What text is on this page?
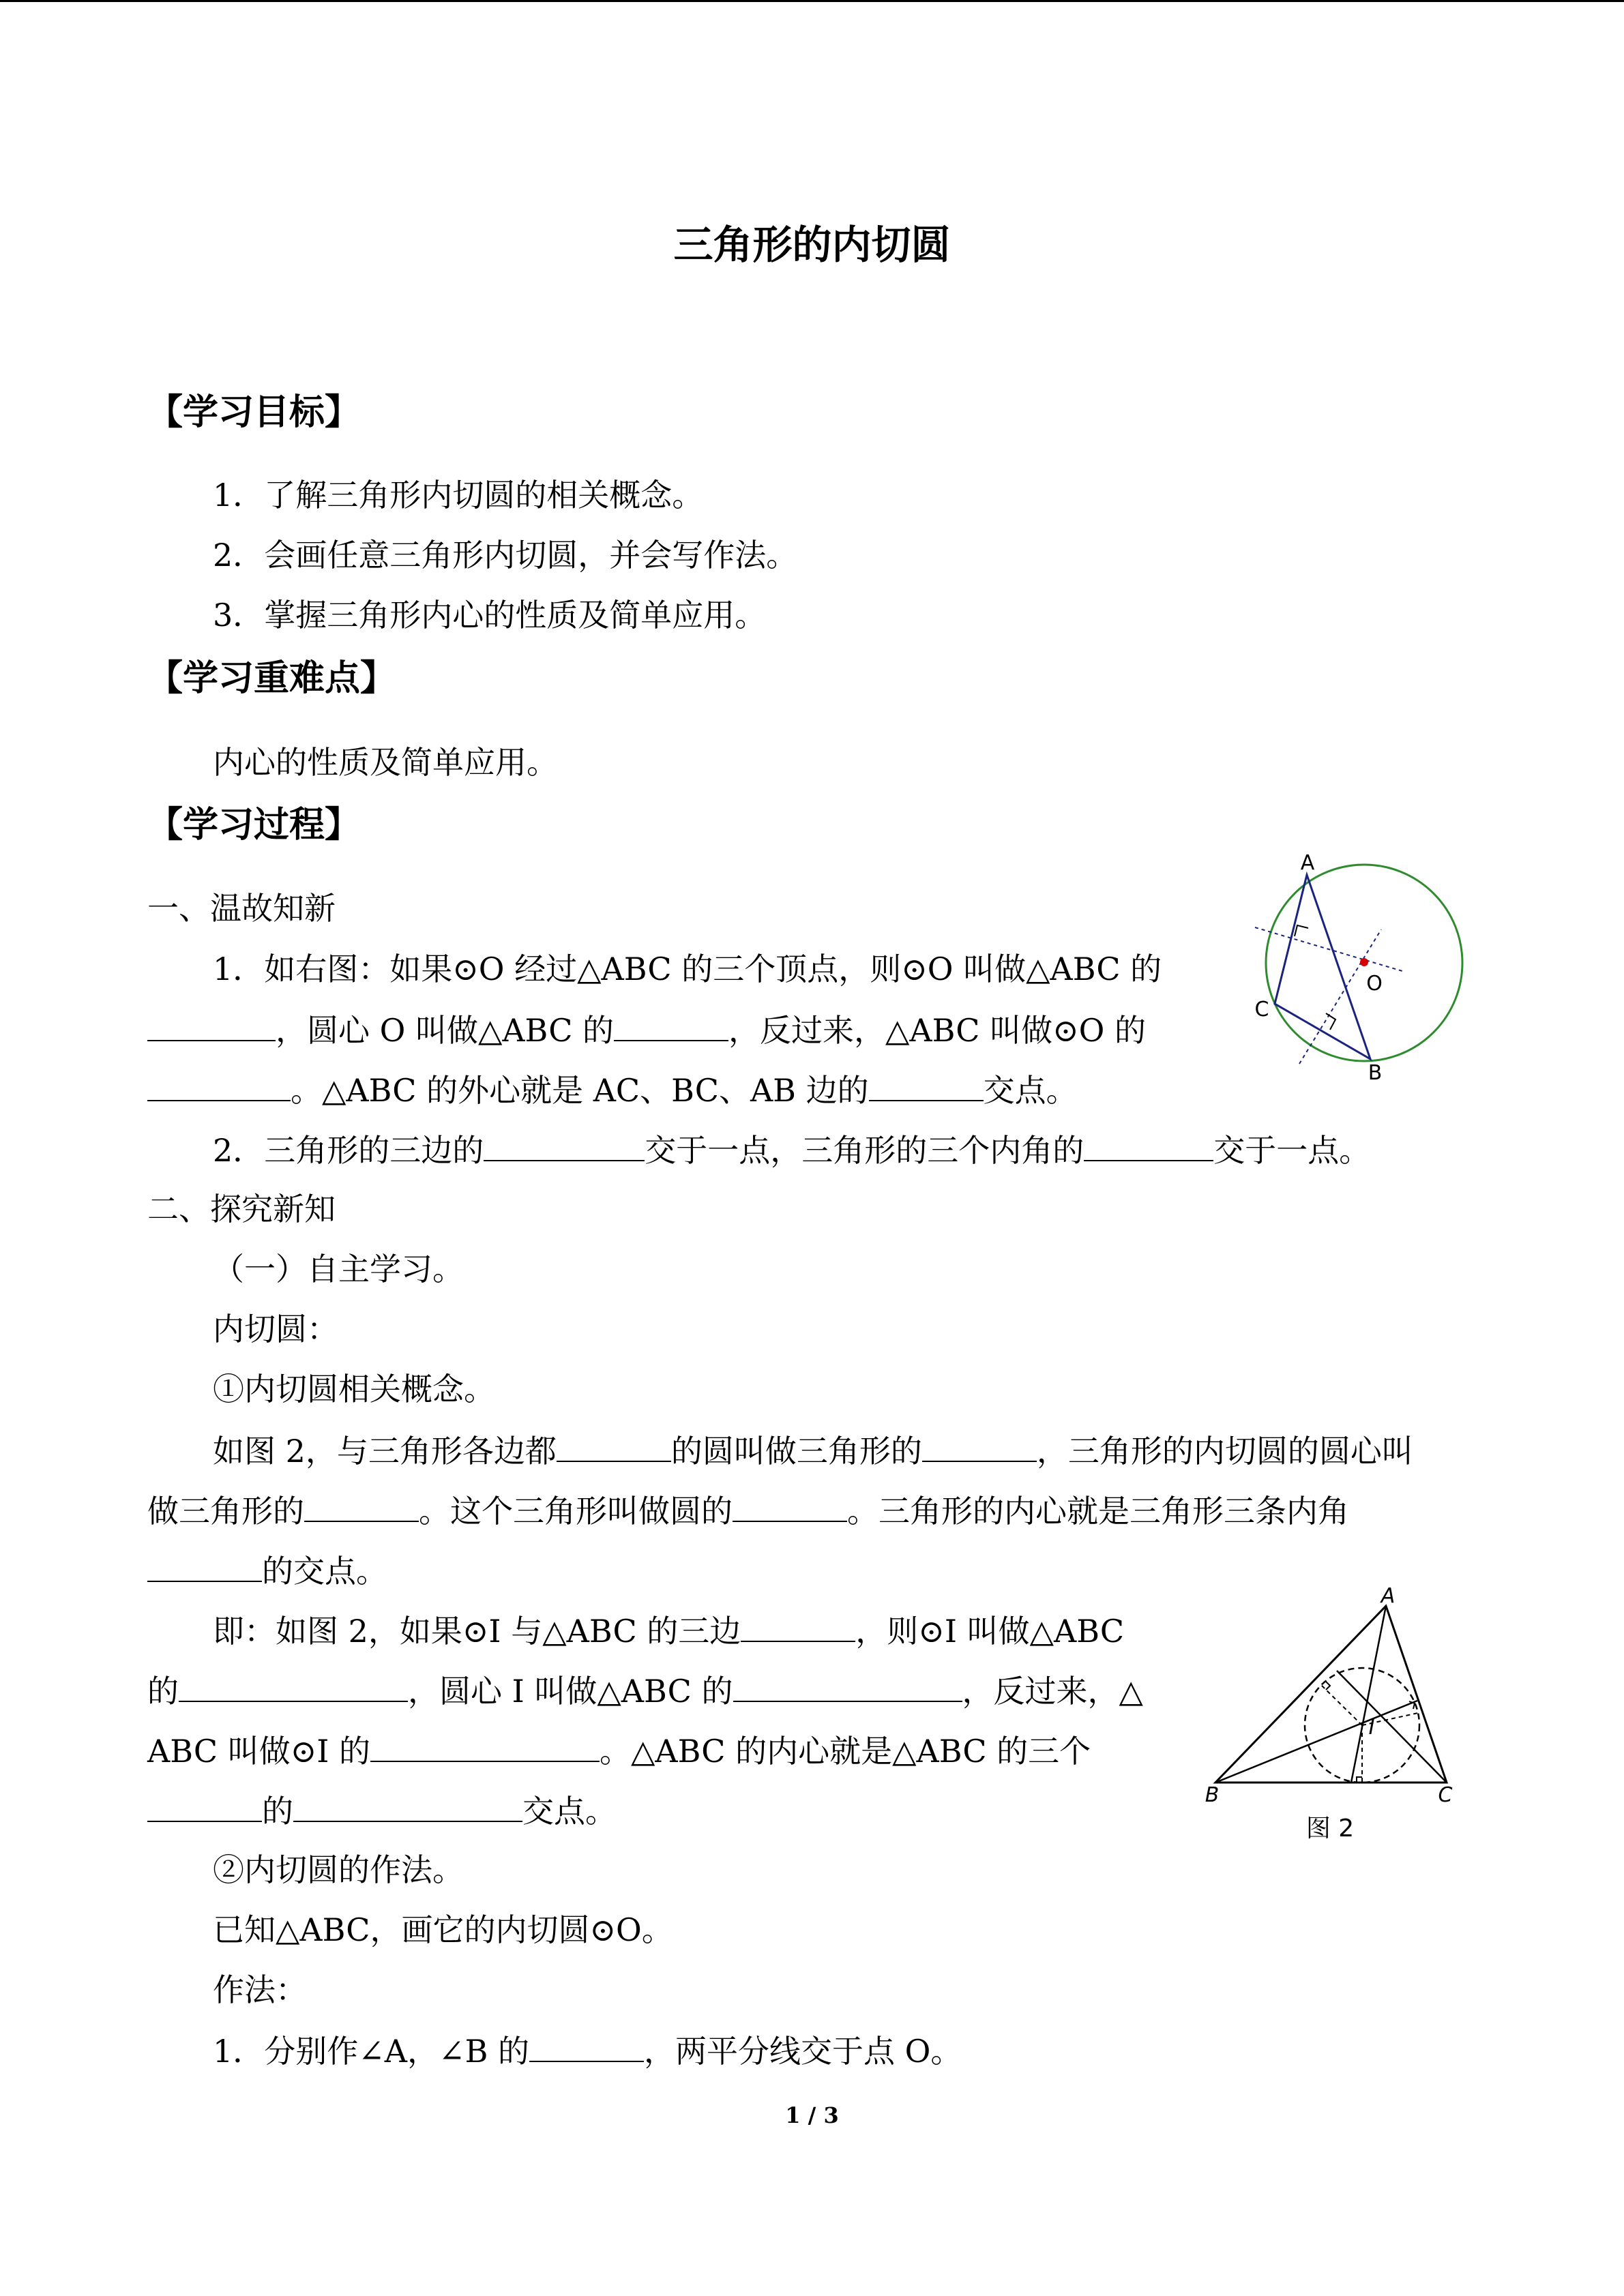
三角形的内切圆
【学习目标】
1．了解三角形内切圆的相关概念。
2．会画任意三角形内切圆，并会写作法。
3．掌握三角形内心的性质及简单应用。
【学习重难点】
内心的性质及简单应用。
【学习过程】
一、温故知新
1．如右图：如果⊙O 经过△ABC 的三个顶点，则⊙O 叫做△ABC 的
，圆心 O 叫做△ABC 的	，反过来，△ABC 叫做⊙O 的
。△ABC 的外心就是 AC、BC、AB 边的	交点。
2．三角形的三边的	交于一点，三角形的三个内角的	交于一点。
二、探究新知
（一）自主学习。
内切圆：
①内切圆相关概念。
如图 2，与三角形各边都	的圆叫做三角形的	，三角形的内切圆的圆心叫
做三角形的	。这个三角形叫做圆的	。三角形的内心就是三角形三条内角
的交点。
即：如图 2，如果⊙I 与△ABC 的三边	，则⊙I 叫做△ABC
的	，圆心 I 叫做△ABC 的	，反过来，△
ABC 叫做⊙I 的	。△ABC 的内心就是△ABC 的三个
的	交点。
②内切圆的作法。
已知△ABC，画它的内切圆⊙O。
作法：
1．分别作∠A，∠B 的	，两平分线交于点 O。
A
B
C
O
A
B	C
I
图 2
1 / 3
